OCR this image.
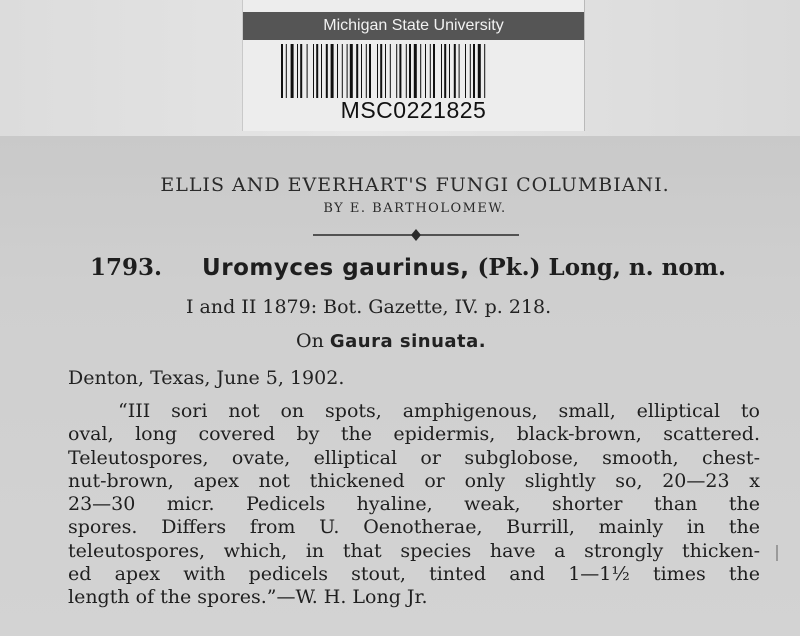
Michigan State University
MSC0221825
ELLIS AND EVERHART'S FUNGI COLUMBIANI.
BY E. BARTHOLOMEW.
1793. Uromyces gaurinus, (Pk.) Long, n. nom.
I and II 1879: Bot. Gazette, IV. p. 218.
On Gaura sinuata.
Denton, Texas, June 5, 1902.
“III sori not on spots, amphigenous, small, elliptical to
oval, long covered by the epidermis, black-brown, scattered.
Teleutospores, ovate, elliptical or subglobose, smooth, chest-
nut-brown, apex not thickened or only slightly so, 20—23 x
23—30 micr. Pedicels hyaline, weak, shorter than the
spores. Differs from U. Oenotherae, Burrill, mainly in the
teleutospores, which, in that species have a strongly thicken-
ed apex with pedicels stout, tinted and 1—1½ times the
length of the spores.”—W. H. Long Jr.
